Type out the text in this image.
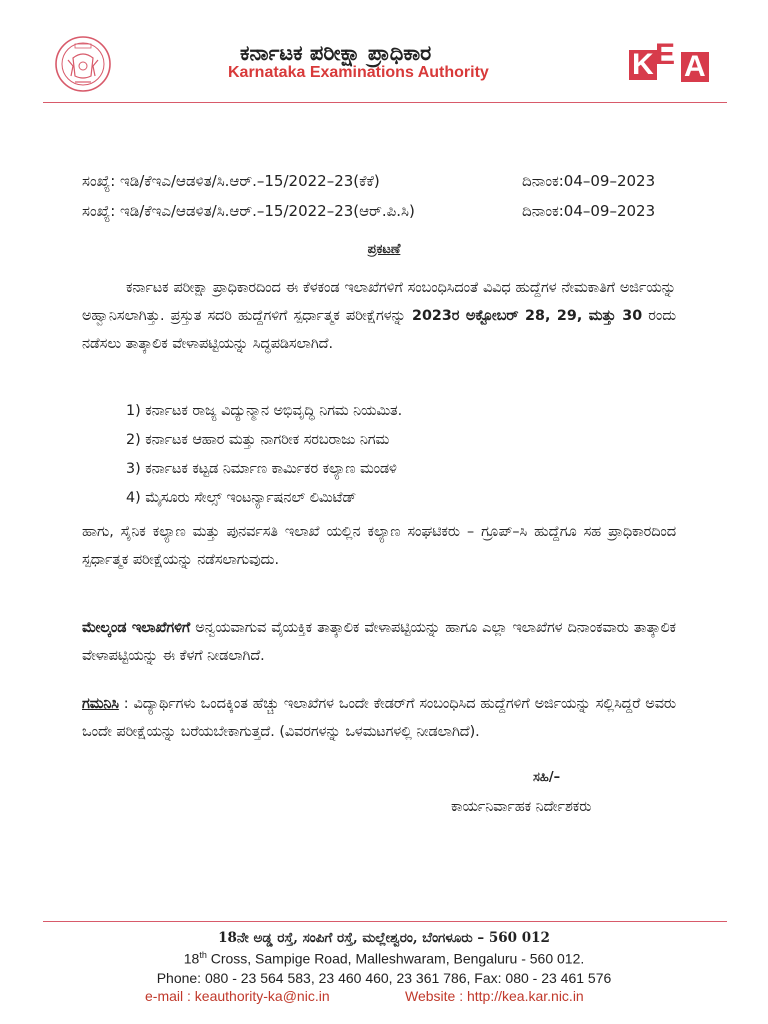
ಕರ್ನಾಟಕ ಪರೀಕ್ಷಾ ಪ್ರಾಧಿಕಾರ
Karnataka Examinations Authority	K E A
ಸಂಖ್ಯೆ: ಇಡಿ/ಕೆಇಎ/ಆಡಳಿತ/ಸಿ.ಆರ್.–15/2022–23(ಕೆಕೆ)	ದಿನಾಂಕ:04–09–2023
ಸಂಖ್ಯೆ: ಇಡಿ/ಕೆಇಎ/ಆಡಳಿತ/ಸಿ.ಆರ್.–15/2022–23(ಆರ್.ಪಿ.ಸಿ)	ದಿನಾಂಕ:04–09–2023
ಪ್ರಕಟಣೆ

ಕರ್ನಾಟಕ ಪರೀಕ್ಷಾ ಪ್ರಾಧಿಕಾರದಿಂದ ಈ ಕೆಳಕಂಡ ಇಲಾಖೆಗಳಿಗೆ ಸಂಬಂಧಿಸಿದಂತೆ ವಿವಿಧ ಹುದ್ದೆಗಳ ನೇಮಕಾತಿಗೆ ಅರ್ಜಿಯನ್ನು ಅಹ್ವಾನಿಸಲಾಗಿತ್ತು. ಪ್ರಸ್ತುತ ಸದರಿ ಹುದ್ದೆಗಳಿಗೆ ಸ್ಪರ್ಧಾತ್ಮಕ ಪರೀಕ್ಷೆಗಳನ್ನು 2023ರ ಅಕ್ಟೋಬರ್ 28, 29, ಮತ್ತು 30 ರಂದು ನಡೆಸಲು ತಾತ್ಕಾಲಿಕ ವೇಳಾಪಟ್ಟಿಯನ್ನು ಸಿದ್ಧಪಡಿಸಲಾಗಿದೆ.

1) ಕರ್ನಾಟಕ ರಾಜ್ಯ ವಿದ್ಯುನ್ಮಾನ ಅಭಿವೃದ್ಧಿ ನಿಗಮ ನಿಯಮಿತ.
2) ಕರ್ನಾಟಕ ಆಹಾರ ಮತ್ತು ನಾಗರೀಕ ಸರಬರಾಜು ನಿಗಮ
3) ಕರ್ನಾಟಕ ಕಟ್ಟಡ ನಿರ್ಮಾಣ ಕಾರ್ಮಿಕರ ಕಲ್ಯಾಣ ಮಂಡಳಿ
4) ಮೈಸೂರು ಸೇಲ್ಸ್ ಇಂಟರ್ನ್ಯಾಷನಲ್ ಲಿಮಿಟೆಡ್

ಹಾಗು, ಸೈನಿಕ ಕಲ್ಯಾಣ ಮತ್ತು ಪುನರ್ವಸತಿ ಇಲಾಖೆ ಯಲ್ಲಿನ ಕಲ್ಯಾಣ ಸಂಘಟಿಕರು – ಗ್ರೂಪ್–ಸಿ ಹುದ್ದೆಗೂ ಸಹ ಪ್ರಾಧಿಕಾರದಿಂದ ಸ್ಪರ್ಧಾತ್ಮಕ ಪರೀಕ್ಷೆಯನ್ನು ನಡೆಸಲಾಗುವುದು.

ಮೇಲ್ಕಂಡ ಇಲಾಖೆಗಳಿಗೆ ಅನ್ವಯವಾಗುವ ವೈಯಕ್ತಿಕ ತಾತ್ಕಾಲಿಕ ವೇಳಾಪಟ್ಟಿಯನ್ನು ಹಾಗೂ ಎಲ್ಲಾ ಇಲಾಖೆಗಳ ದಿನಾಂಕವಾರು ತಾತ್ಕಾಲಿಕ ವೇಳಾಪಟ್ಟಿಯನ್ನು ಈ ಕೆಳಗೆ ನೀಡಲಾಗಿದೆ.

ಗಮನಿಸಿ : ವಿದ್ಯಾರ್ಥಿಗಳು ಒಂದಕ್ಕಿಂತ ಹೆಚ್ಚು ಇಲಾಖೆಗಳ ಒಂದೇ ಕೇಡರ್‌ಗೆ ಸಂಬಂಧಿಸಿದ ಹುದ್ದೆಗಳಿಗೆ ಅರ್ಜಿಯನ್ನು ಸಲ್ಲಿಸಿದ್ದರೆ ಅವರು ಒಂದೇ ಪರೀಕ್ಷೆಯನ್ನು ಬರೆಯಬೇಕಾಗುತ್ತದೆ. (ವಿವರಗಳನ್ನು ಒಳಮಟಗಳಲ್ಲಿ ನೀಡಲಾಗಿದೆ).

ಸಹಿ/–
ಕಾರ್ಯನಿರ್ವಾಹಕ ನಿರ್ದೇಶಕರು
18ನೇ ಅಡ್ಡ ರಸ್ತೆ, ಸಂಪಿಗೆ ರಸ್ತೆ, ಮಲ್ಲೇಶ್ವರಂ, ಬೆಂಗಳೂರು – 560 012
18th Cross, Sampige Road, Malleshwaram, Bengaluru - 560 012.
Phone: 080 - 23 564 583, 23 460 460, 23 361 786, Fax: 080 - 23 461 576
e-mail : keauthority-ka@nic.in	Website : http://kea.kar.nic.in
